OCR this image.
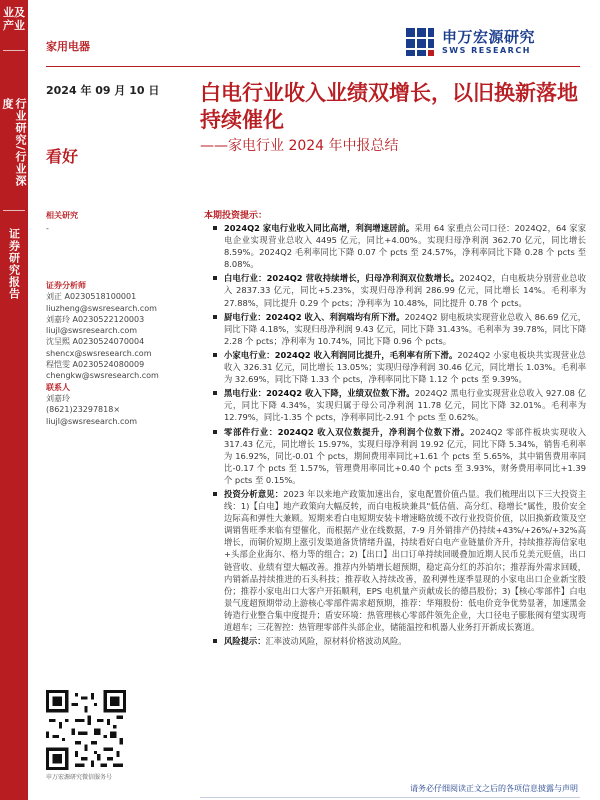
业及产业
行业研究/行业深度
证券研究报告
家用电器
2024 年 09 月 10 日
看好
申万宏源研究
SWS RESEARCH
白电行业收入业绩双增长，以旧换新落地持续催化
——家电行业 2024 年中报总结
相关研究
-
证券分析师
刘正 A0230518100001
liuzheng@swsresearch.com
刘嘉玲 A0230522120003
liujl@swsresearch.com
沈呈熙 A0230524070004
shencx@swsresearch.com
程恺雯 A0230524080009
chengkw@swsresearch.com
联系人
刘嘉玲
(8621)23297818×
liujl@swsresearch.com
申万宏源研究微信服务号
本期投资提示：
2024Q2 家电行业收入同比高增，利润增速居前。采用 64 家重点公司口径：2024Q2，64 家家电企业实现营业总收入 4495 亿元，同比+4.00%。实现归母净利润 362.70 亿元，同比增长 8.59%。2024Q2 毛利率同比下降 0.07 个 pcts 至 24.57%，净利率同比下降 0.28 个 pcts 至 8.08%。
白电行业：2024Q2 营收持续增长，归母净利润双位数增长。2024Q2，白电板块分别营业总收入 2837.33 亿元，同比+5.23%，实现归母净利润 286.99 亿元，同比增长 14%。毛利率为 27.88%，同比提升 0.29 个 pcts；净利率为 10.48%，同比提升 0.78 个 pcts。
厨电行业：2024Q2 收入、利润端均有所下滑。2024Q2 厨电板块实现营业总收入 86.69 亿元，同比下降 4.18%，实现归母净利润 9.43 亿元，同比下降 31.43%。毛利率为 39.78%，同比下降 2.28 个 pcts；净利率为 10.74%，同比下降 0.96 个 pcts。
小家电行业：2024Q2 收入利润同比提升，毛利率有所下滑。2024Q2 小家电板块共实现营业总收入 326.31 亿元，同比增长 13.05%；实现归母净利润 30.46 亿元，同比增长 1.03%。毛利率为 32.69%，同比下降 1.33 个 pcts，净利率同比下降 1.12 个 pcts 至 9.39%。
黑电行业：2024Q2 收入下降，业绩双位数下滑。2024Q2 黑电行业实现营业总收入 927.08 亿元，同比下降 4.34%，实现归属于母公司净利润 11.78 亿元，同比下降 32.01%。毛利率为 12.79%，同比-1.35 个 pcts，净利率同比-2.91 个 pcts 至 0.62%。
零部件行业：2024Q2 收入双位数提升，净利润个位数下滑。2024Q2 零部件板块实现收入 317.43 亿元，同比增长 15.97%，实现归母净利润 19.92 亿元，同比下降 5.34%，销售毛利率为 16.92%，同比-0.01 个 pcts，期间费用率同比+1.61 个 pcts 至 5.65%，其中销售费用率同比-0.17 个 pcts 至 1.57%，管理费用率同比+0.40 个 pcts 至 3.93%，财务费用率同比+1.39 个 pcts 至 0.15%。
投资分析意见：2023 年以来地产政策加速出台，家电配置价值凸显。我们梳理出以下三大投资主线：1)【白电】地产政策向大幅反转，而白电板块兼具"低估值、高分红、稳增长"属性，股价安全边际高和弹性大兼顾。短期来看白电短期安装卡增速略放缓不改行业投资价值，以旧换新政策及空调销售旺季来临有望催化，而根据产业在线数据，7-9 月外销排产仍持续+43%/+26%/+32%高增长，而铜价短期上涨引发渠道备货情绪升温，持续看好白电产业链量价齐升，持续推荐海信家电+头部企业海尔、格力等的组合；2)【出口】出口订单持续回暖叠加近期人民币兑美元贬值，出口链营收、业绩有望大幅改善。推荐内外销增长超预期，稳定高分红的苏泊尔；推荐海外需求回暖，内销新品持续推进的石头科技；推荐收入持续改善，盈利弹性逐季显现的小家电出口企业新宝股份；推荐小家电出口大客户开拓顺利，EPS 电机量产贡献成长的德昌股份；3)【核心零部件】白电景气度超预期带动上游核心零部件需求超预期，推荐：华翔股份：低电价竞争优势显著，加速黑金铸造行业整合集中度提升；盾安环境：热管理核心零部件领先企业，大口径电子膨胀阀有望实现弯道超车；三花智控：热管理零部件头部企业，储能温控和机器人业务打开新成长赛道。
风险提示：汇率波动风险，原材料价格波动风险。
请务必仔细阅读正文之后的各项信息披露与声明
